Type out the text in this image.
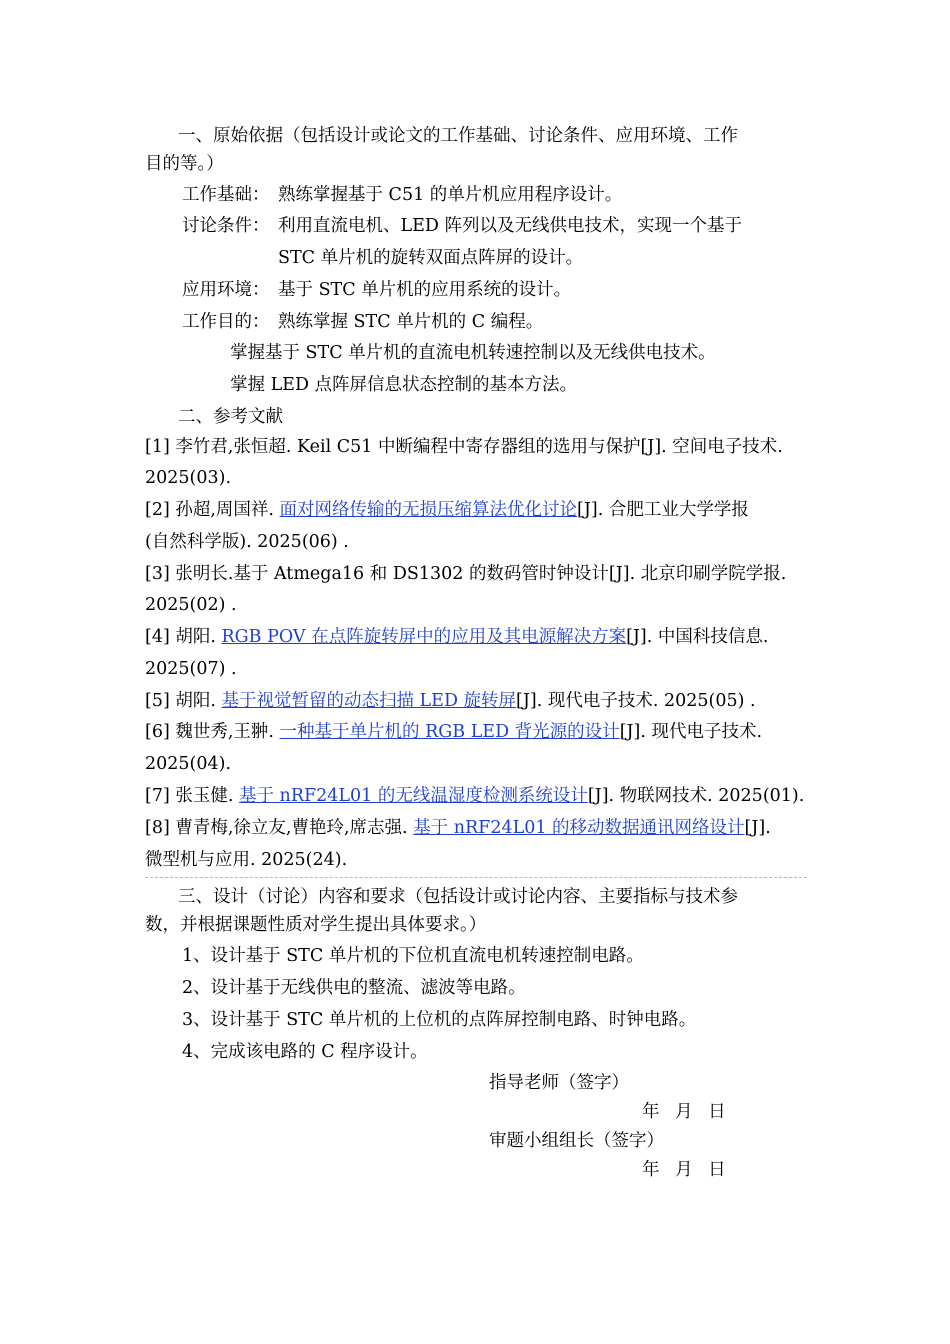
一、原始依据（包括设计或论文的工作基础、讨论条件、应用环境、工作
目的等。）
工作基础： 熟练掌握基于 C51 的单片机应用程序设计。
讨论条件： 利用直流电机、LED 阵列以及无线供电技术，实现一个基于
STC 单片机的旋转双面点阵屏的设计。
应用环境： 基于 STC 单片机的应用系统的设计。
工作目的： 熟练掌握 STC 单片机的 C 编程。
掌握基于 STC 单片机的直流电机转速控制以及无线供电技术。
掌握 LED 点阵屏信息状态控制的基本方法。
二、参考文献
[1] 李竹君,张恒超. Keil C51 中断编程中寄存器组的选用与保护[J]. 空间电子技术.
2025(03).
[2] 孙超,周国祥. 面对网络传输的无损压缩算法优化讨论[J]. 合肥工业大学学报
(自然科学版). 2025(06) .
[3] 张明长.基于 Atmega16 和 DS1302 的数码管时钟设计[J]. 北京印刷学院学报.
2025(02) .
[4] 胡阳. RGB POV 在点阵旋转屏中的应用及其电源解决方案[J]. 中国科技信息.
2025(07) .
[5] 胡阳. 基于视觉暂留的动态扫描 LED 旋转屏[J]. 现代电子技术. 2025(05) .
[6] 魏世秀,王翀. 一种基于单片机的 RGB LED 背光源的设计[J]. 现代电子技术.
2025(04).
[7] 张玉健. 基于 nRF24L01 的无线温湿度检测系统设计[J]. 物联网技术. 2025(01).
[8] 曹青梅,徐立友,曹艳玲,席志强. 基于 nRF24L01 的移动数据通讯网络设计[J].
微型机与应用. 2025(24).
三、设计（讨论）内容和要求（包括设计或讨论内容、主要指标与技术参
数，并根据课题性质对学生提出具体要求。）
1、设计基于 STC 单片机的下位机直流电机转速控制电路。
2、设计基于无线供电的整流、滤波等电路。
3、设计基于 STC 单片机的上位机的点阵屏控制电路、时钟电路。
4、完成该电路的 C 程序设计。
指导老师（签字）
年 月 日
审题小组组长（签字）
年 月 日
